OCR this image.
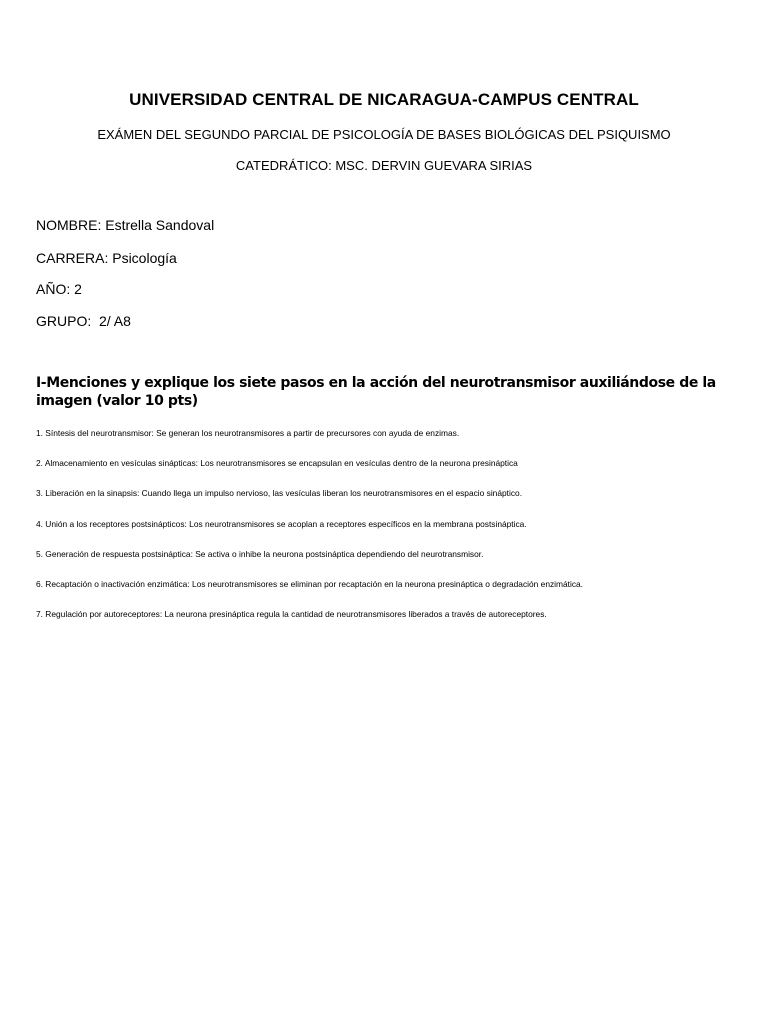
UNIVERSIDAD CENTRAL DE NICARAGUA-CAMPUS CENTRAL
EXÁMEN DEL SEGUNDO PARCIAL DE PSICOLOGÍA DE BASES BIOLÓGICAS DEL PSIQUISMO
CATEDRÁTICO: MSC. DERVIN GUEVARA SIRIAS
NOMBRE: Estrella Sandoval
CARRERA: Psicología
AÑO: 2
GRUPO:  2/ A8
I-Menciones y explique los siete pasos en la acción del neurotransmisor auxiliándose de la imagen (valor 10 pts)
1. Síntesis del neurotransmisor: Se generan los neurotransmisores a partir de precursores con ayuda de enzimas.
2. Almacenamiento en vesículas sinápticas: Los neurotransmisores se encapsulan en vesículas dentro de la neurona presináptica
3. Liberación en la sinapsis: Cuando llega un impulso nervioso, las vesículas liberan los neurotransmisores en el espacio sináptico.
4. Unión a los receptores postsinápticos: Los neurotransmisores se acoplan a receptores específicos en la membrana postsináptica.
5. Generación de respuesta postsináptica: Se activa o inhibe la neurona postsináptica dependiendo del neurotransmisor.
6. Recaptación o inactivación enzimática: Los neurotransmisores se eliminan por recaptación en la neurona presináptica o degradación enzimática.
7. Regulación por autoreceptores: La neurona presináptica regula la cantidad de neurotransmisores liberados a través de autoreceptores.
